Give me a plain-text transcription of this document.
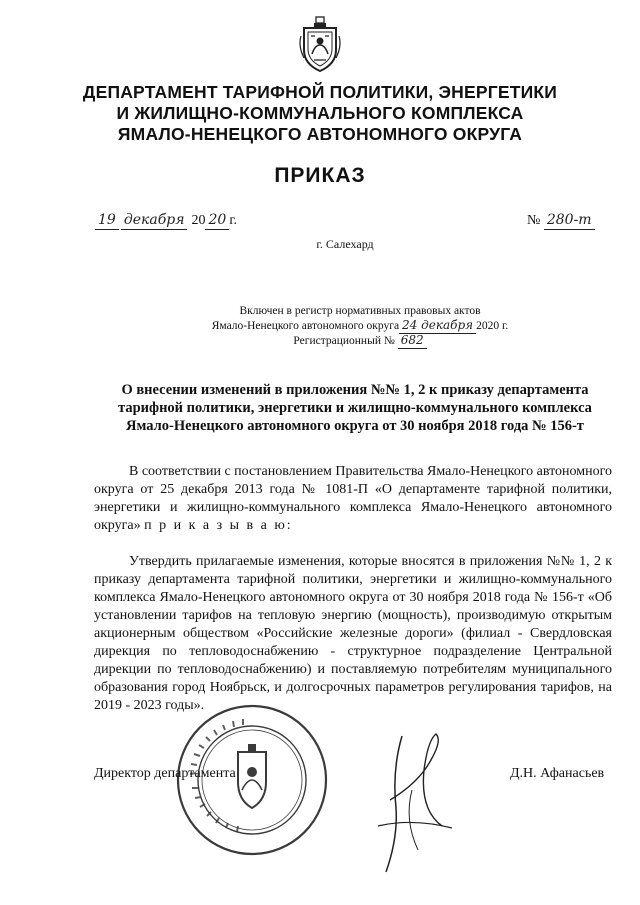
ДЕПАРТАМЕНТ ТАРИФНОЙ ПОЛИТИКИ, ЭНЕРГЕТИКИ
И ЖИЛИЩНО-КОММУНАЛЬНОГО КОМПЛЕКСА
ЯМАЛО-НЕНЕЦКОГО АВТОНОМНОГО ОКРУГА
ПРИКАЗ
19 декабря 20 20 г.	№ 280-т
г. Салехард
Включен в регистр нормативных правовых актов
Ямало-Ненецкого автономного округа 24 декабря 2020 г.
Регистрационный № 682
О внесении изменений в приложения №№ 1, 2 к приказу департамента тарифной политики, энергетики и жилищно-коммунального комплекса Ямало-Ненецкого автономного округа от 30 ноября 2018 года № 156-т
В соответствии с постановлением Правительства Ямало-Ненецкого автономного округа от 25 декабря 2013 года № 1081-П «О департаменте тарифной политики, энергетики и жилищно-коммунального комплекса Ямало-Ненецкого автономного округа» п р и к а з ы в а ю:
Утвердить прилагаемые изменения, которые вносятся в приложения №№ 1, 2 к приказу департамента тарифной политики, энергетики и жилищно-коммунального комплекса Ямало-Ненецкого автономного округа от 30 ноября 2018 года № 156-т «Об установлении тарифов на тепловую энергию (мощность), производимую открытым акционерным обществом «Российские железные дороги» (филиал - Свердловская дирекция по тепловодоснабжению - структурное подразделение Центральной дирекции по тепловодоснабжению) и поставляемую потребителям муниципального образования город Ноябрьск, и долгосрочных параметров регулирования тарифов, на 2019 - 2023 годы».
Директор департамента	Д.Н. Афанасьев
